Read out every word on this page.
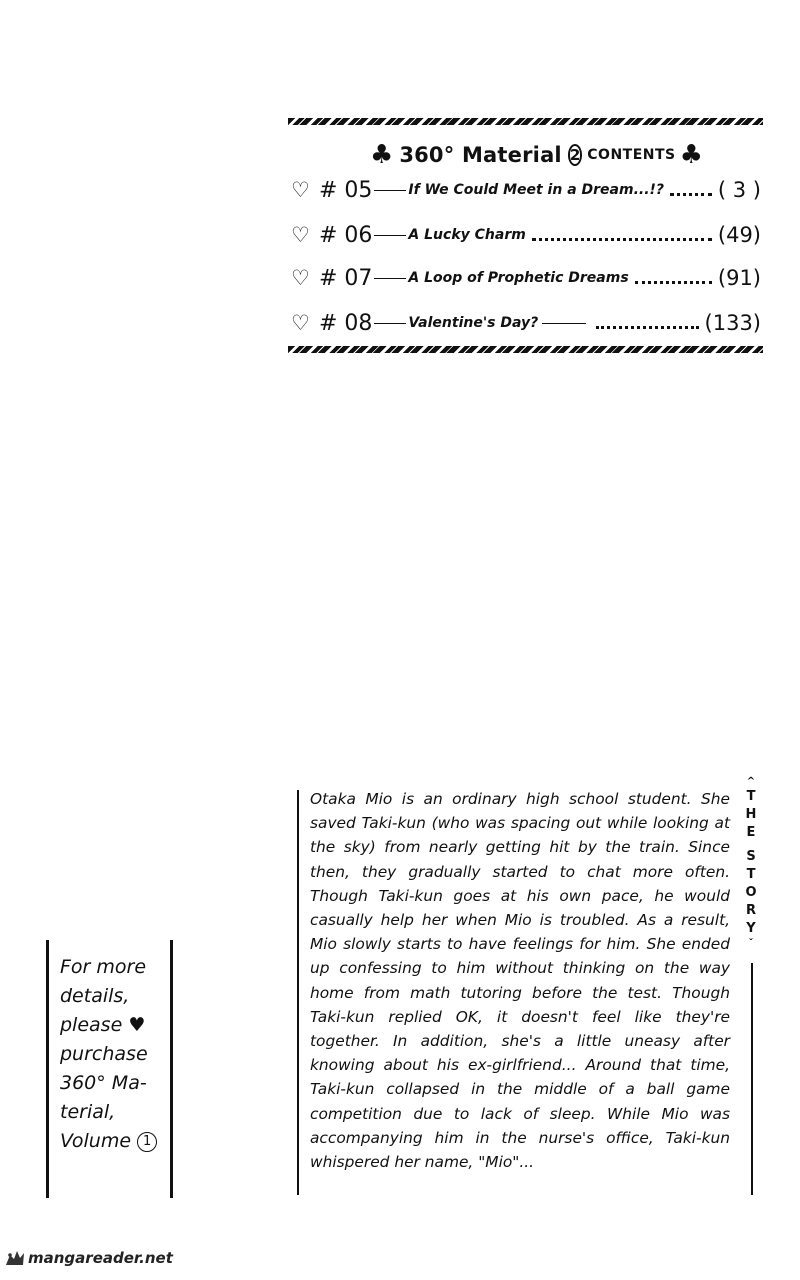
♣ 360° Material 2 CONTENTS ♣
♡ # 05	If We Could Meet in a Dream...!?	( 3 )
♡ # 06	A Lucky Charm	(49)
♡ # 07	A Loop of Prophetic Dreams	(91)
♡ # 08	Valentine's Day?	(133)
Otaka Mio is an ordinary high school student. She saved Taki-kun (who was spacing out while looking at the sky) from nearly getting hit by the train. Since then, they gradually started to chat more often. Though Taki-kun goes at his own pace, he would casually help her when Mio is troubled. As a result, Mio slowly starts to have feelings for him. She ended up confessing to him without thinking on the way home from math tutoring before the test. Though Taki-kun replied OK, it doesn't feel like they're together. In addition, she's a little uneasy after knowing about his ex-girlfriend... Around that time, Taki-kun collapsed in the middle of a ball game competition due to lack of sleep. While Mio was accompanying him in the nurse's office, Taki-kun whispered her name, "Mio"...
^
T
H
E
S
T
O
R
Y
ˇ
For more
details,
please ♥
purchase
360° Ma-
terial,
Volume 1
mangareader.net
